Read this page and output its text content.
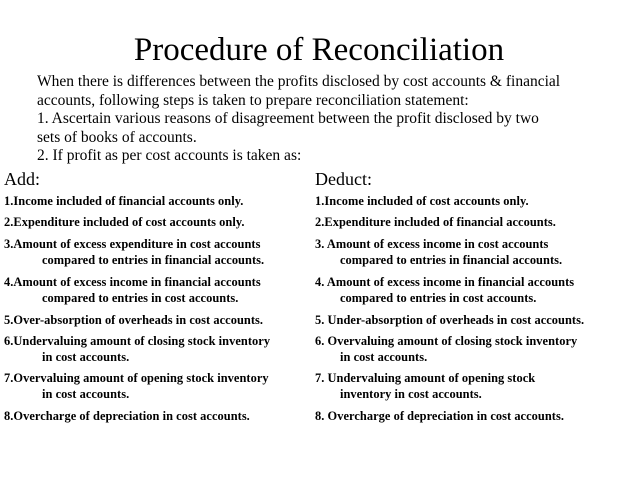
Procedure of Reconciliation

When there is differences between the profits disclosed by cost accounts & financial

accounts, following steps is taken to prepare reconciliation statement:

1. Ascertain various reasons of disagreement between the profit disclosed by two

sets of books of accounts.

2. If profit as per cost accounts is taken as:

Add:	Deduct:
1.Income included of financial accounts only.
2.Expenditure included of cost accounts only.
3.Amount of excess expenditure in cost accounts
compared to entries in financial accounts.
4.Amount of excess income in financial accounts
compared to entries in cost accounts.
5.Over-absorption of overheads in cost accounts.
6.Undervaluing amount of closing stock inventory
in cost accounts.
7.Overvaluing amount of opening stock inventory
in cost accounts.
8.Overcharge of depreciation in cost accounts.
1.Income included of cost accounts only.
2.Expenditure included of financial accounts.
3. Amount of excess income in cost accounts
compared to entries in financial accounts.
4. Amount of excess income in financial accounts
compared to entries in cost accounts.
5. Under-absorption of overheads in cost accounts.
6. Overvaluing amount of closing stock inventory
in cost accounts.
7. Undervaluing amount of opening stock
inventory in cost accounts.
8. Overcharge of depreciation in cost accounts.
